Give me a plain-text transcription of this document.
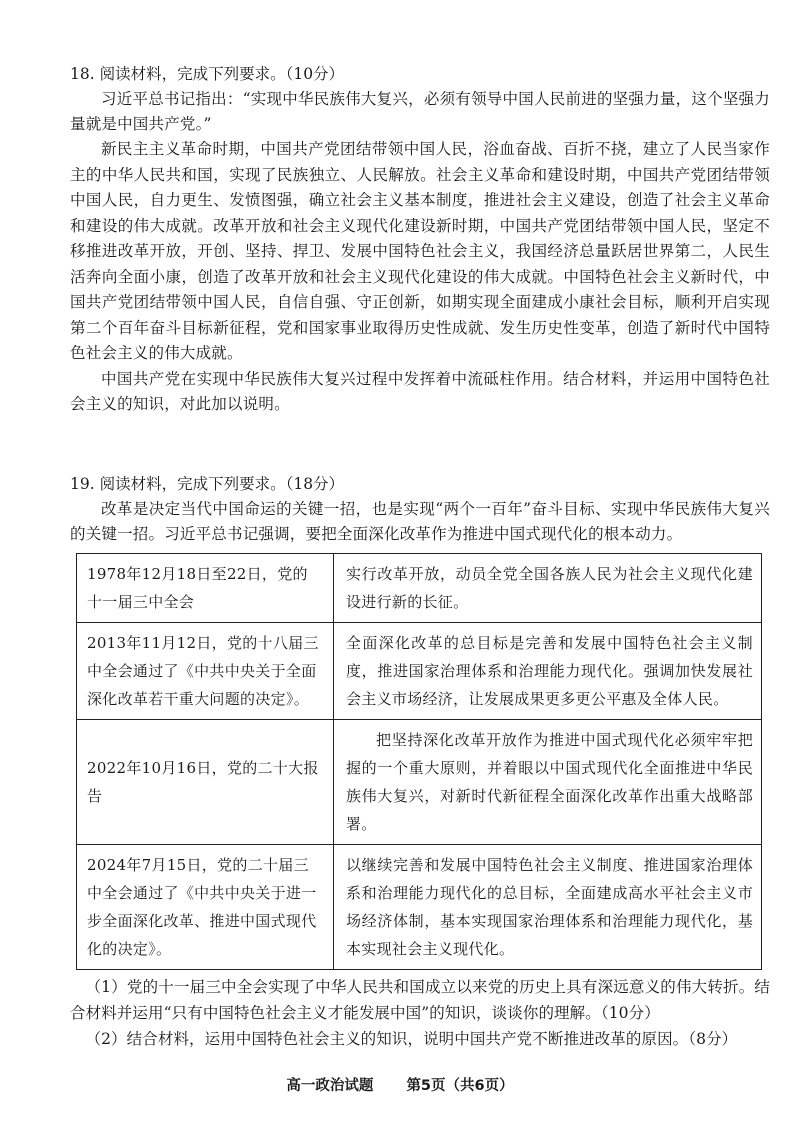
18. 阅读材料，完成下列要求。（10分）

习近平总书记指出：“实现中华民族伟大复兴，必须有领导中国人民前进的坚强力量，这个坚强力量就是中国共产党。”

新民主主义革命时期，中国共产党团结带领中国人民，浴血奋战、百折不挠，建立了人民当家作主的中华人民共和国，实现了民族独立、人民解放。社会主义革命和建设时期，中国共产党团结带领中国人民，自力更生、发愤图强，确立社会主义基本制度，推进社会主义建设，创造了社会主义革命和建设的伟大成就。改革开放和社会主义现代化建设新时期，中国共产党团结带领中国人民，坚定不移推进改革开放，开创、坚持、捍卫、发展中国特色社会主义，我国经济总量跃居世界第二，人民生活奔向全面小康，创造了改革开放和社会主义现代化建设的伟大成就。中国特色社会主义新时代，中国共产党团结带领中国人民，自信自强、守正创新，如期实现全面建成小康社会目标，顺利开启实现第二个百年奋斗目标新征程，党和国家事业取得历史性成就、发生历史性变革，创造了新时代中国特色社会主义的伟大成就。

中国共产党在实现中华民族伟大复兴过程中发挥着中流砥柱作用。结合材料，并运用中国特色社会主义的知识，对此加以说明。

19. 阅读材料，完成下列要求。（18分）

改革是决定当代中国命运的关键一招，也是实现“两个一百年”奋斗目标、实现中华民族伟大复兴的关键一招。习近平总书记强调，要把全面深化改革作为推进中国式现代化的根本动力。

1978年12月18日至22日，党的十一届三中全会	实行改革开放，动员全党全国各族人民为社会主义现代化建设进行新的长征。
2013年11月12日，党的十八届三中全会通过了《中共中央关于全面深化改革若干重大问题的决定》。	全面深化改革的总目标是完善和发展中国特色社会主义制度，推进国家治理体系和治理能力现代化。强调加快发展社会主义市场经济，让发展成果更多更公平惠及全体人民。
2022年10月16日，党的二十大报告	把坚持深化改革开放作为推进中国式现代化必须牢牢把握的一个重大原则，并着眼以中国式现代化全面推进中华民族伟大复兴，对新时代新征程全面深化改革作出重大战略部署。
2024年7月15日，党的二十届三中全会通过了《中共中央关于进一步全面深化改革、推进中国式现代化的决定》。	以继续完善和发展中国特色社会主义制度、推进国家治理体系和治理能力现代化的总目标，全面建成高水平社会主义市场经济体制，基本实现国家治理体系和治理能力现代化，基本实现社会主义现代化。

（1）党的十一届三中全会实现了中华人民共和国成立以来党的历史上具有深远意义的伟大转折。结合材料并运用“只有中国特色社会主义才能发展中国”的知识，谈谈你的理解。（10分）

（2）结合材料，运用中国特色社会主义的知识，说明中国共产党不断推进改革的原因。（8分）

高一政治试题 第5页（共6页）
